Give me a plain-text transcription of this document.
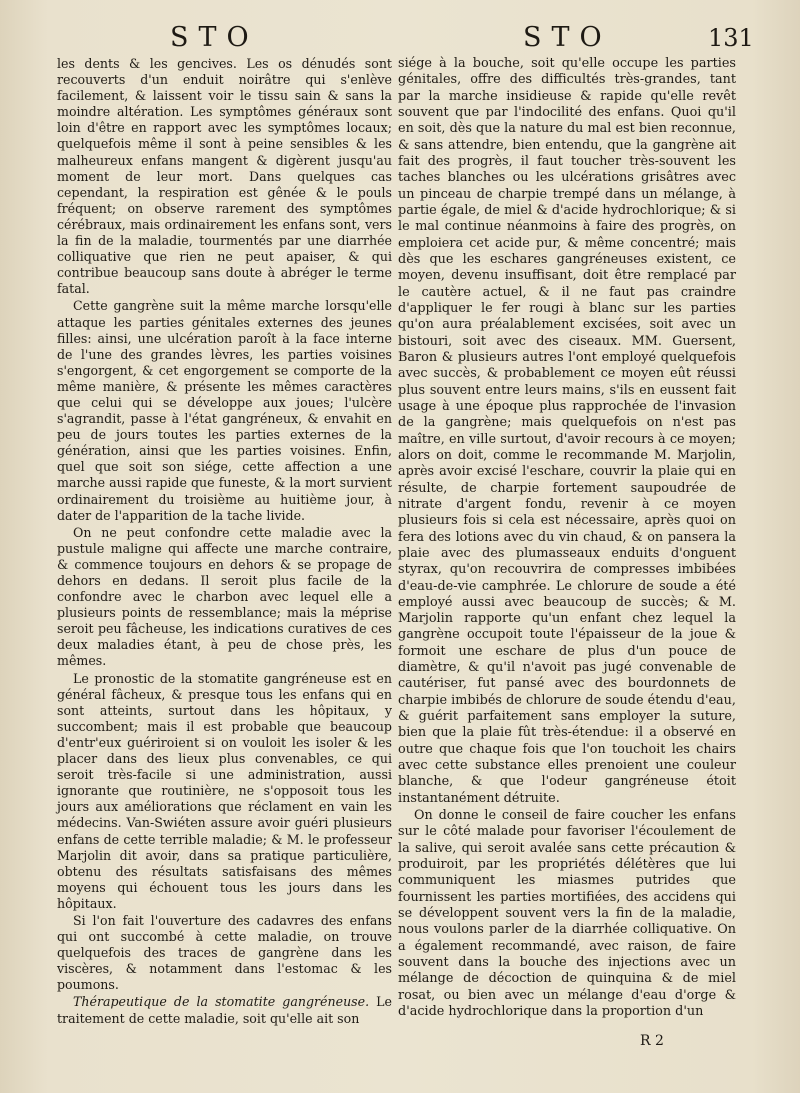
STO	STO	131

les dents & les gencives. Les os dénudés sont recouverts d'un enduit noirâtre qui s'enlève facilement, & laissent voir le tissu sain & sans la moindre altération. Les symptômes généraux sont loin d'être en rapport avec les symptômes locaux; quelquefois même il sont à peine sensibles & les malheureux enfans mangent & digèrent jusqu'au moment de leur mort. Dans quelques cas cependant, la respiration est gênée & le pouls fréquent; on observe rarement des symptômes cérébraux, mais ordinairement les enfans sont, vers la fin de la maladie, tourmentés par une diarrhée colliquative que rien ne peut apaiser, & qui contribue beaucoup sans doute à abréger le terme fatal.

Cette gangrène suit la même marche lorsqu'elle attaque les parties génitales externes des jeunes filles: ainsi, une ulcération paroît à la face interne de l'une des grandes lèvres, les parties voisines s'engorgent, & cet engorgement se comporte de la même manière, & présente les mêmes caractères que celui qui se développe aux joues; l'ulcère s'agrandit, passe à l'état gangréneux, & envahit en peu de jours toutes les parties externes de la génération, ainsi que les parties voisines. Enfin, quel que soit son siége, cette affection a une marche aussi rapide que funeste, & la mort survient ordinairement du troisième au huitième jour, à dater de l'apparition de la tache livide.

On ne peut confondre cette maladie avec la pustule maligne qui affecte une marche contraire, & commence toujours en dehors & se propage de dehors en dedans. Il seroit plus facile de la confondre avec le charbon avec lequel elle a plusieurs points de ressemblance; mais la méprise seroit peu fâcheuse, les indications curatives de ces deux maladies étant, à peu de chose près, les mêmes.

Le pronostic de la stomatite gangréneuse est en général fâcheux, & presque tous les enfans qui en sont atteints, surtout dans les hôpitaux, y succombent; mais il est probable que beaucoup d'entr'eux guériroient si on vouloit les isoler & les placer dans des lieux plus convenables, ce qui seroit très-facile si une administration, aussi ignorante que routinière, ne s'opposoit tous les jours aux améliorations que réclament en vain les médecins. Van-Swiéten assure avoir guéri plusieurs enfans de cette terrible maladie; & M. le professeur Marjolin dit avoir, dans sa pratique particulière, obtenu des résultats satisfaisans des mêmes moyens qui échouent tous les jours dans les hôpitaux.

Si l'on fait l'ouverture des cadavres des enfans qui ont succombé à cette maladie, on trouve quelquefois des traces de gangrène dans les viscères, & notamment dans l'estomac & les poumons.

Thérapeutique de la stomatite gangréneuse. Le traitement de cette maladie, soit qu'elle ait son

siége à la bouche, soit qu'elle occupe les parties génitales, offre des difficultés très-grandes, tant par la marche insidieuse & rapide qu'elle revêt souvent que par l'indocilité des enfans. Quoi qu'il en soit, dès que la nature du mal est bien reconnue, & sans attendre, bien entendu, que la gangrène ait fait des progrès, il faut toucher très-souvent les taches blanches ou les ulcérations grisâtres avec un pinceau de charpie trempé dans un mélange, à partie égale, de miel & d'acide hydrochlorique; & si le mal continue néanmoins à faire des progrès, on emploiera cet acide pur, & même concentré; mais dès que les eschares gangréneuses existent, ce moyen, devenu insuffisant, doit être remplacé par le cautère actuel, & il ne faut pas craindre d'appliquer le fer rougi à blanc sur les parties qu'on aura préalablement excisées, soit avec un bistouri, soit avec des ciseaux. MM. Guersent, Baron & plusieurs autres l'ont employé quelquefois avec succès, & probablement ce moyen eût réussi plus souvent entre leurs mains, s'ils en eussent fait usage à une époque plus rapprochée de l'invasion de la gangrène; mais quelquefois on n'est pas maître, en ville surtout, d'avoir recours à ce moyen; alors on doit, comme le recommande M. Marjolin, après avoir excisé l'eschare, couvrir la plaie qui en résulte, de charpie fortement saupoudrée de nitrate d'argent fondu, revenir à ce moyen plusieurs fois si cela est nécessaire, après quoi on fera des lotions avec du vin chaud, & on pansera la plaie avec des plumasseaux enduits d'onguent styrax, qu'on recouvrira de compresses imbibées d'eau-de-vie camphrée. Le chlorure de soude a été employé aussi avec beaucoup de succès; & M. Marjolin rapporte qu'un enfant chez lequel la gangrène occupoit toute l'épaisseur de la joue & formoit une eschare de plus d'un pouce de diamètre, & qu'il n'avoit pas jugé convenable de cautériser, fut pansé avec des bourdonnets de charpie imbibés de chlorure de soude étendu d'eau, & guérit parfaitement sans employer la suture, bien que la plaie fût très-étendue: il a observé en outre que chaque fois que l'on touchoit les chairs avec cette substance elles prenoient une couleur blanche, & que l'odeur gangréneuse étoit instantanément détruite.

On donne le conseil de faire coucher les enfans sur le côté malade pour favoriser l'écoulement de la salive, qui seroit avalée sans cette précaution & produiroit, par les propriétés délétères que lui communiquent les miasmes putrides que fournissent les parties mortifiées, des accidens qui se développent souvent vers la fin de la maladie, nous voulons parler de la diarrhée colliquative. On a également recommandé, avec raison, de faire souvent dans la bouche des injections avec un mélange de décoction de quinquina & de miel rosat, ou bien avec un mélange d'eau d'orge & d'acide hydrochlorique dans la proportion d'un

R 2
